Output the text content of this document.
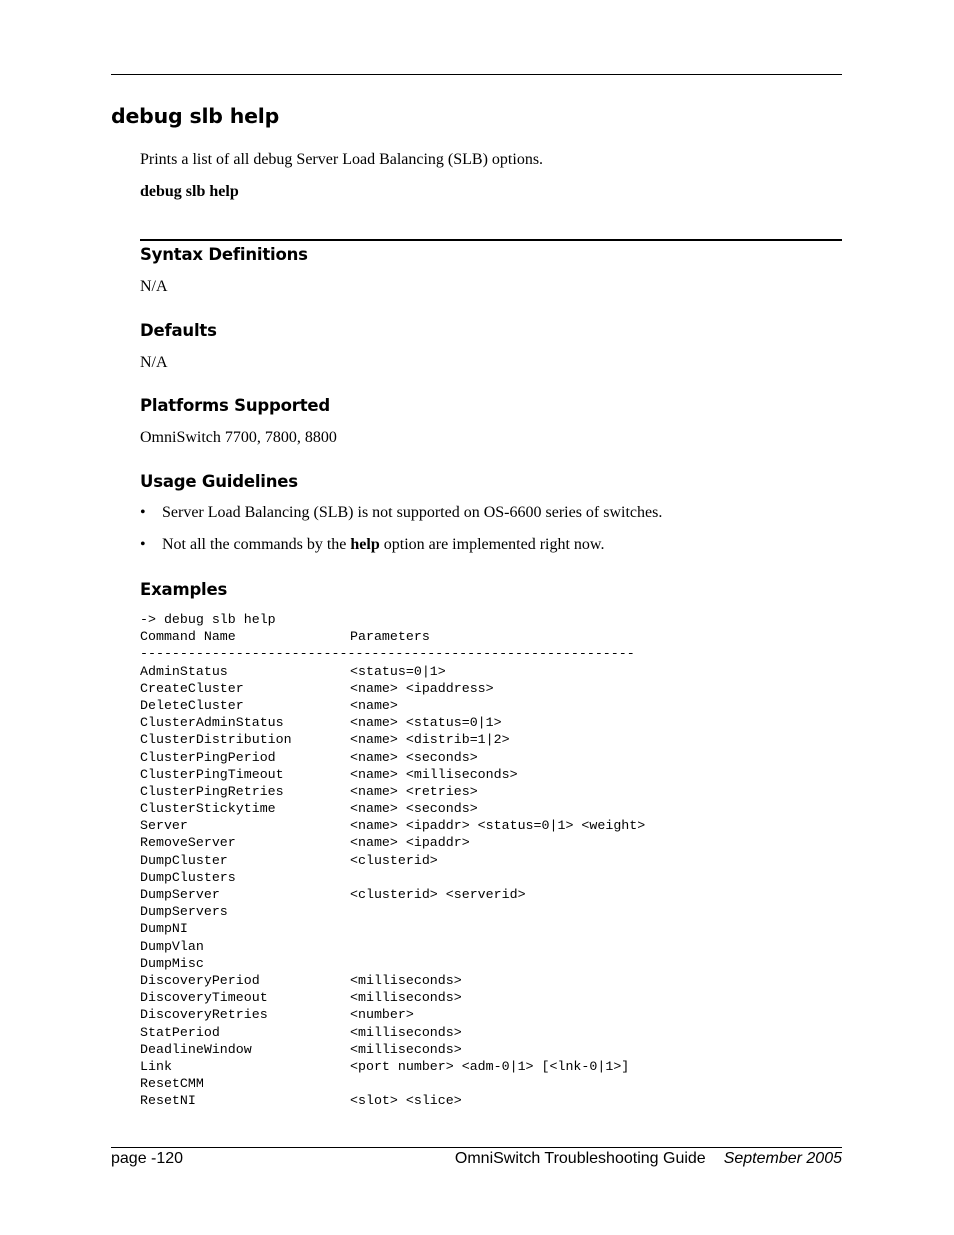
debug slb help
Prints a list of all debug Server Load Balancing (SLB) options.
debug slb help
Syntax Definitions
N/A
Defaults
N/A
Platforms Supported
OmniSwitch 7700, 7800, 8800
Usage Guidelines
• Server Load Balancing (SLB) is not supported on OS-6600 series of switches.
• Not all the commands by the help option are implemented right now.
Examples
-> debug slb help
Command Name	Parameters
--------------------------------------------------------------
AdminStatus	<status=0|1>
CreateCluster	<name> <ipaddress>
DeleteCluster	<name>
ClusterAdminStatus	<name> <status=0|1>
ClusterDistribution	<name> <distrib=1|2>
ClusterPingPeriod	<name> <seconds>
ClusterPingTimeout	<name> <milliseconds>
ClusterPingRetries	<name> <retries>
ClusterStickytime	<name> <seconds>
Server	<name> <ipaddr> <status=0|1> <weight>
RemoveServer	<name> <ipaddr>
DumpCluster	<clusterid>
DumpClusters
DumpServer	<clusterid> <serverid>
DumpServers
DumpNI
DumpVlan
DumpMisc
DiscoveryPeriod	<milliseconds>
DiscoveryTimeout	<milliseconds>
DiscoveryRetries	<number>
StatPeriod	<milliseconds>
DeadlineWindow	<milliseconds>
Link	<port number> <adm-0|1> [<lnk-0|1>]
ResetCMM
ResetNI	<slot> <slice>
page -120	OmniSwitch Troubleshooting Guide September 2005
